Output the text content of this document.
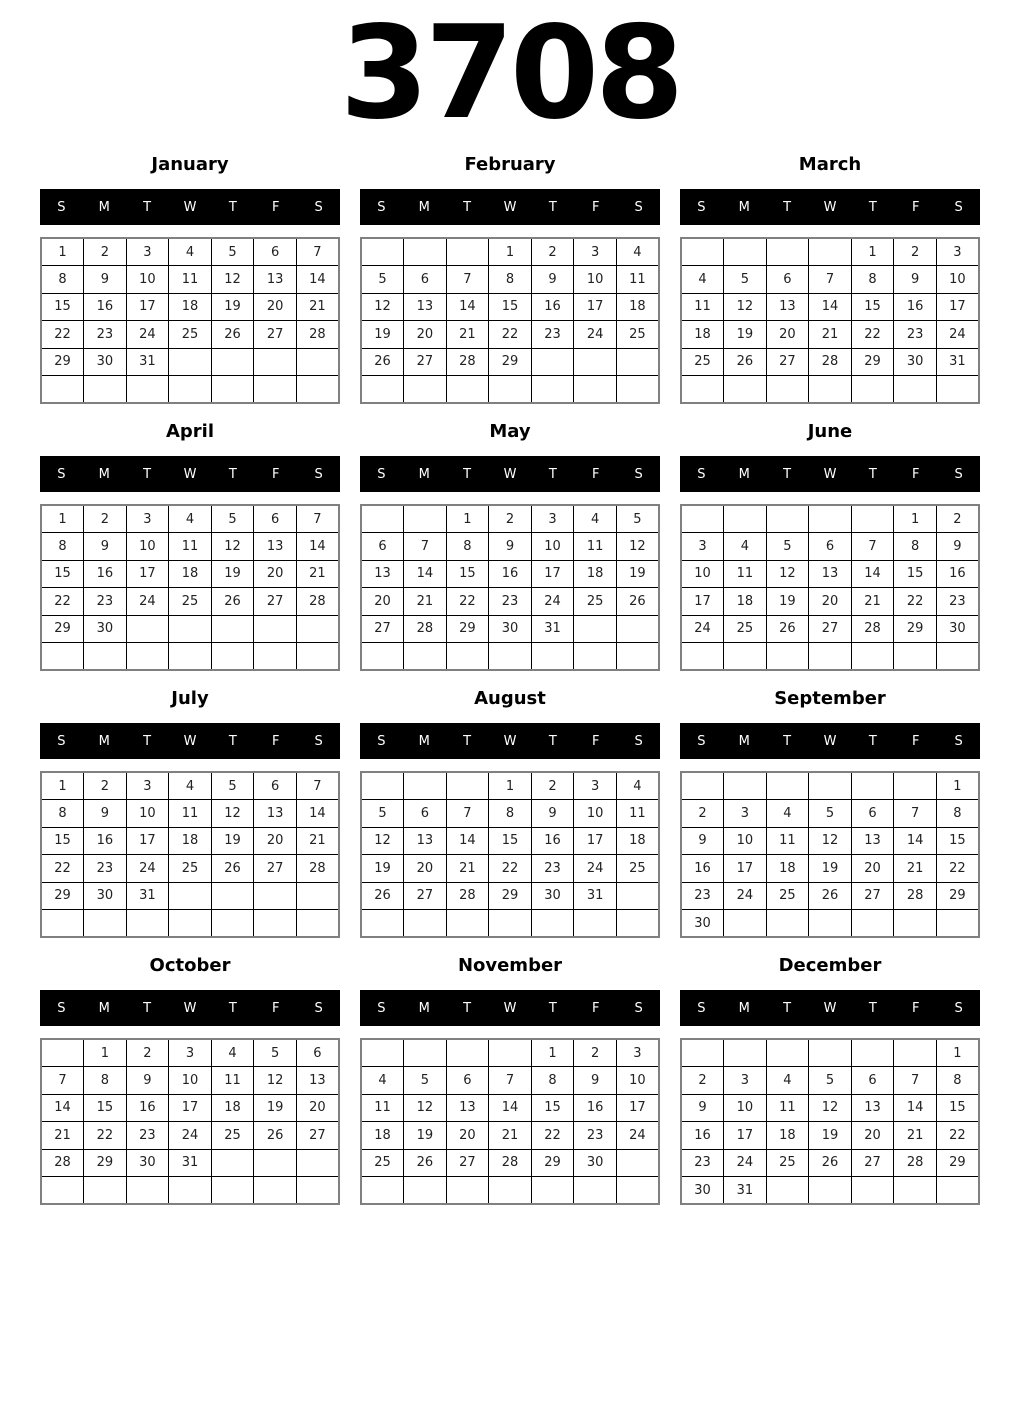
3708
January
S	M	T	W	T	F	S
1	2	3	4	5	6	7
8	9	10	11	12	13	14
15	16	17	18	19	20	21
22	23	24	25	26	27	28
29	30	31				

February
S	M	T	W	T	F	S
			1	2	3	4
5	6	7	8	9	10	11
12	13	14	15	16	17	18
19	20	21	22	23	24	25
26	27	28	29			

March
S	M	T	W	T	F	S
				1	2	3
4	5	6	7	8	9	10
11	12	13	14	15	16	17
18	19	20	21	22	23	24
25	26	27	28	29	30	31

April
S	M	T	W	T	F	S
1	2	3	4	5	6	7
8	9	10	11	12	13	14
15	16	17	18	19	20	21
22	23	24	25	26	27	28
29	30					

May
S	M	T	W	T	F	S
		1	2	3	4	5
6	7	8	9	10	11	12
13	14	15	16	17	18	19
20	21	22	23	24	25	26
27	28	29	30	31		

June
S	M	T	W	T	F	S
					1	2
3	4	5	6	7	8	9
10	11	12	13	14	15	16
17	18	19	20	21	22	23
24	25	26	27	28	29	30

July
S	M	T	W	T	F	S
1	2	3	4	5	6	7
8	9	10	11	12	13	14
15	16	17	18	19	20	21
22	23	24	25	26	27	28
29	30	31				

August
S	M	T	W	T	F	S
			1	2	3	4
5	6	7	8	9	10	11
12	13	14	15	16	17	18
19	20	21	22	23	24	25
26	27	28	29	30	31	

September
S	M	T	W	T	F	S
						1
2	3	4	5	6	7	8
9	10	11	12	13	14	15
16	17	18	19	20	21	22
23	24	25	26	27	28	29
30						
October
S	M	T	W	T	F	S
	1	2	3	4	5	6
7	8	9	10	11	12	13
14	15	16	17	18	19	20
21	22	23	24	25	26	27
28	29	30	31			

November
S	M	T	W	T	F	S
				1	2	3
4	5	6	7	8	9	10
11	12	13	14	15	16	17
18	19	20	21	22	23	24
25	26	27	28	29	30	

December
S	M	T	W	T	F	S
						1
2	3	4	5	6	7	8
9	10	11	12	13	14	15
16	17	18	19	20	21	22
23	24	25	26	27	28	29
30	31					
